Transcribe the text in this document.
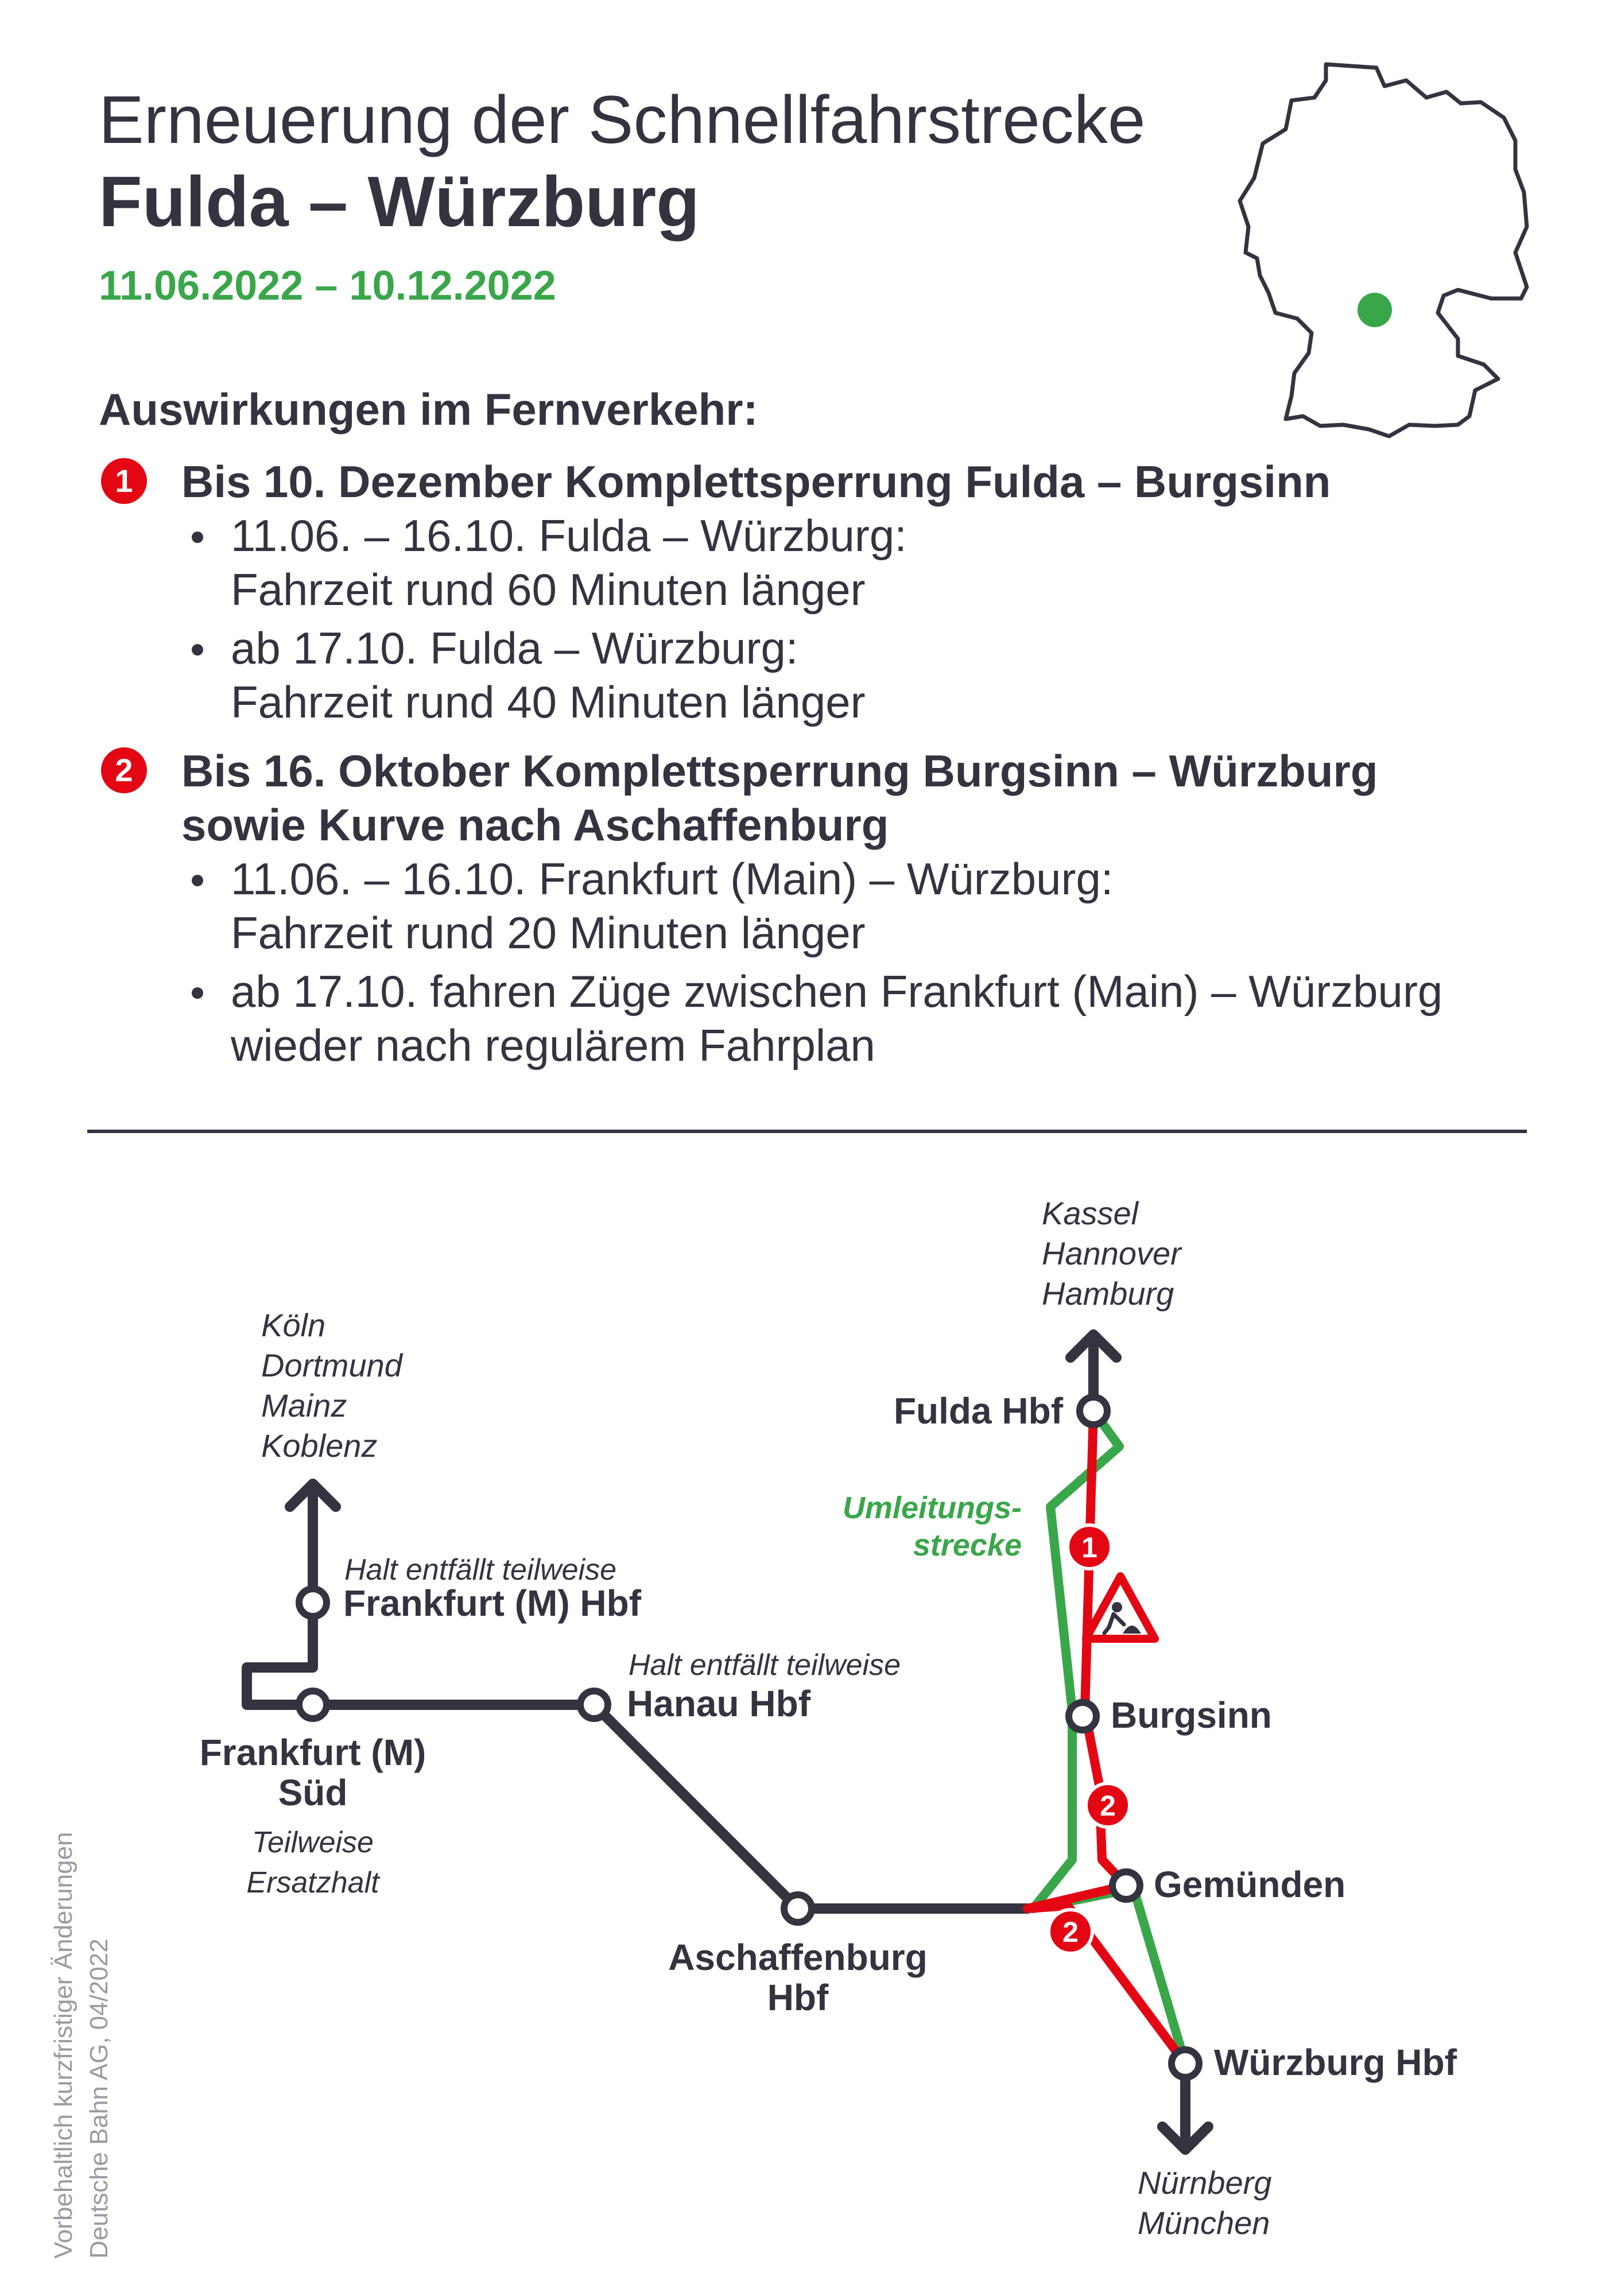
Erneuerung der Schnellfahrstrecke
Fulda – Würzburg
11.06.2022 – 10.12.2022
Auswirkungen im Fernverkehr:
1	Bis 10. Dezember Komplettsperrung Fulda – Burgsinn
11.06. – 16.10. Fulda – Würzburg:
Fahrzeit rund 60 Minuten länger
ab 17.10. Fulda – Würzburg:
Fahrzeit rund 40 Minuten länger
2	Bis 16. Oktober Komplettsperrung Burgsinn – Würzburg
sowie Kurve nach Aschaffenburg
11.06. – 16.10. Frankfurt (Main) – Würzburg:
Fahrzeit rund 20 Minuten länger
ab 17.10. fahren Züge zwischen Frankfurt (Main) – Würzburg
wieder nach regulärem Fahrplan
1
2
2
Kassel
Hannover
Hamburg
Köln
Dortmund
Mainz
Koblenz
Nürnberg
München
Fulda Hbf
Burgsinn
Gemünden
Würzburg Hbf
Halt entfällt teilweise
Frankfurt (M) Hbf
Frankfurt (M)
Süd
Teilweise
Ersatzhalt
Halt entfällt teilweise
Hanau Hbf
Aschaffenburg
Hbf
Umleitungs-
strecke
Vorbehaltlich kurzfristiger Änderungen Deutsche Bahn AG, 04/2022
